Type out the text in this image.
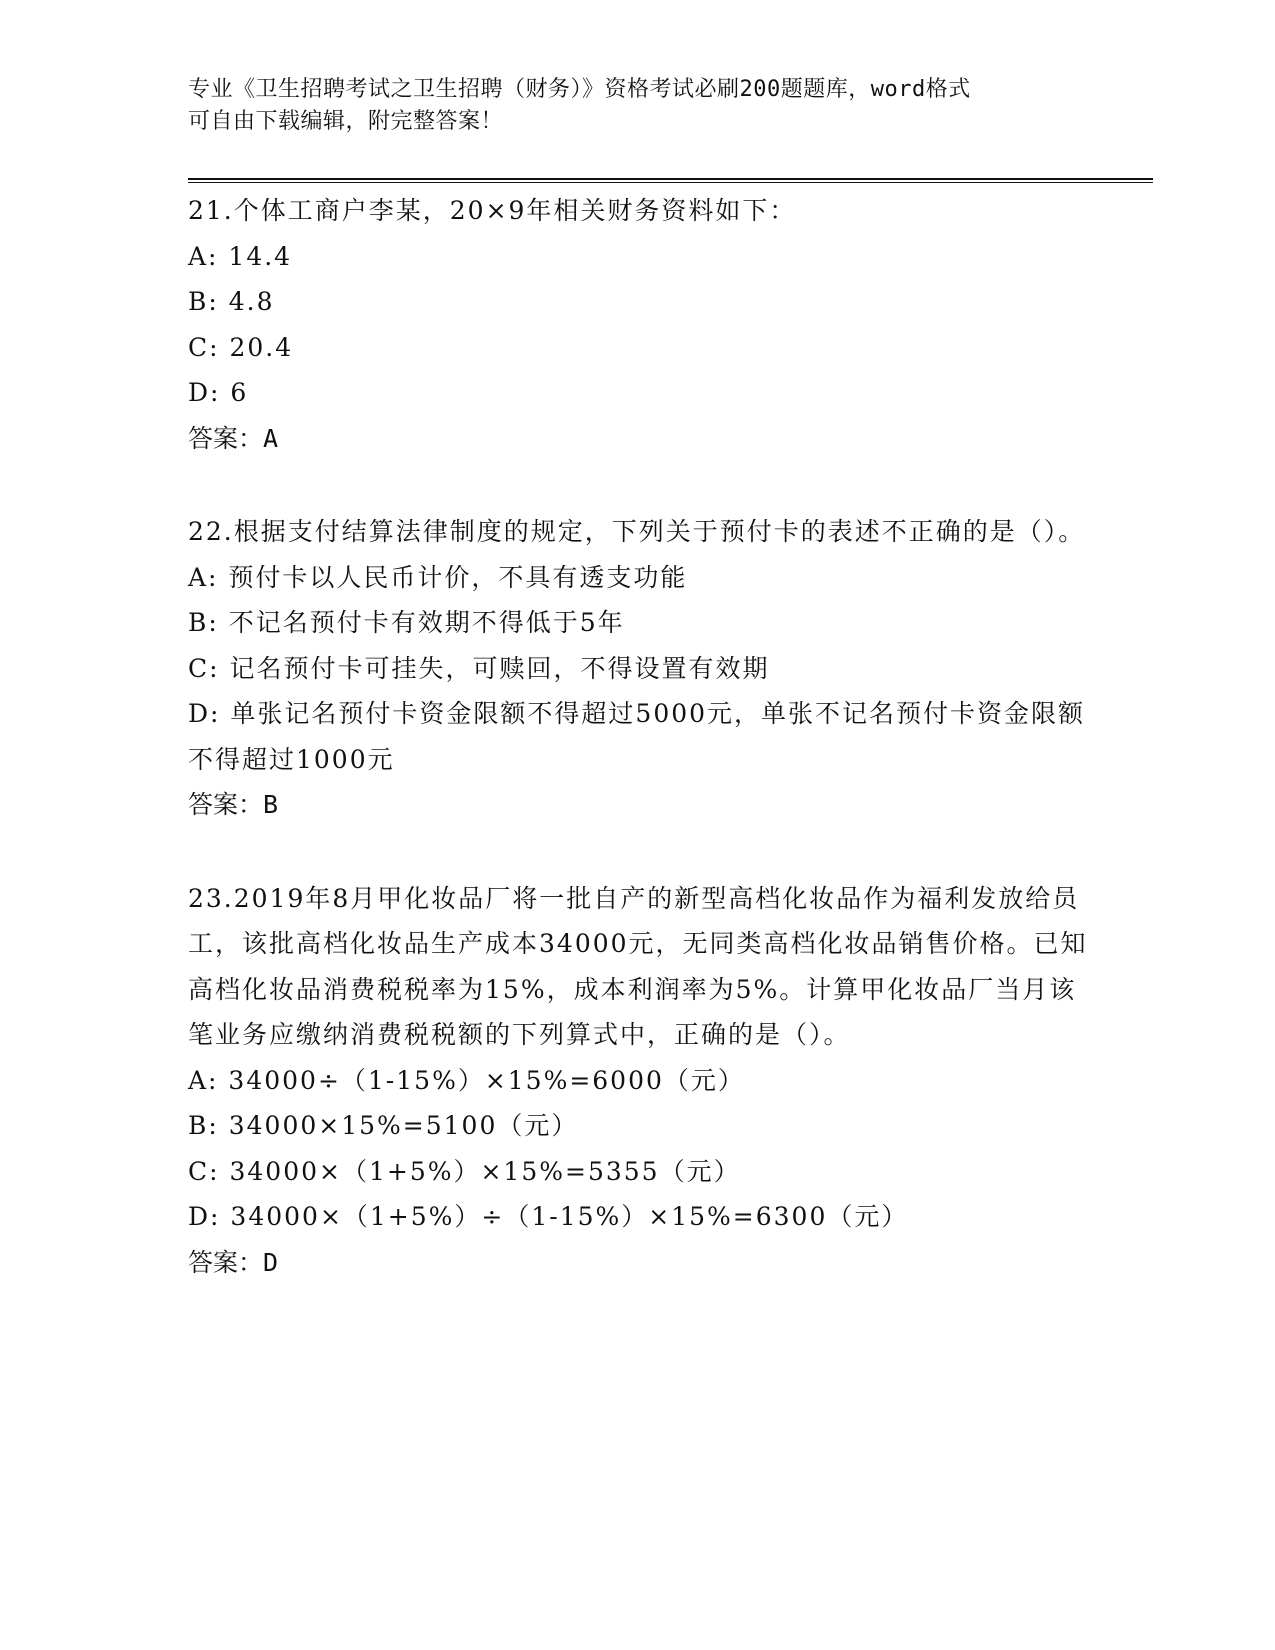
专业《卫生招聘考试之卫生招聘（财务）》资格考试必刷200题题库，word格式
可自由下载编辑，附完整答案！
21.个体工商户李某，20×9年相关财务资料如下：
A: 14.4
B: 4.8
C: 20.4
D: 6
答案：A
22.根据支付结算法律制度的规定，下列关于预付卡的表述不正确的是（）。
A: 预付卡以人民币计价，不具有透支功能
B: 不记名预付卡有效期不得低于5年
C: 记名预付卡可挂失，可赎回，不得设置有效期
D: 单张记名预付卡资金限额不得超过5000元，单张不记名预付卡资金限额不得超过1000元
答案：B
23.2019年8月甲化妆品厂将一批自产的新型高档化妆品作为福利发放给员工，该批高档化妆品生产成本34000元，无同类高档化妆品销售价格。已知高档化妆品消费税税率为15%，成本利润率为5%。计算甲化妆品厂当月该笔业务应缴纳消费税税额的下列算式中，正确的是（）。
A: 34000÷（1-15%）×15%=6000（元）
B: 34000×15%=5100（元）
C: 34000×（1+5%）×15%=5355（元）
D: 34000×（1+5%）÷（1-15%）×15%=6300（元）
答案：D
